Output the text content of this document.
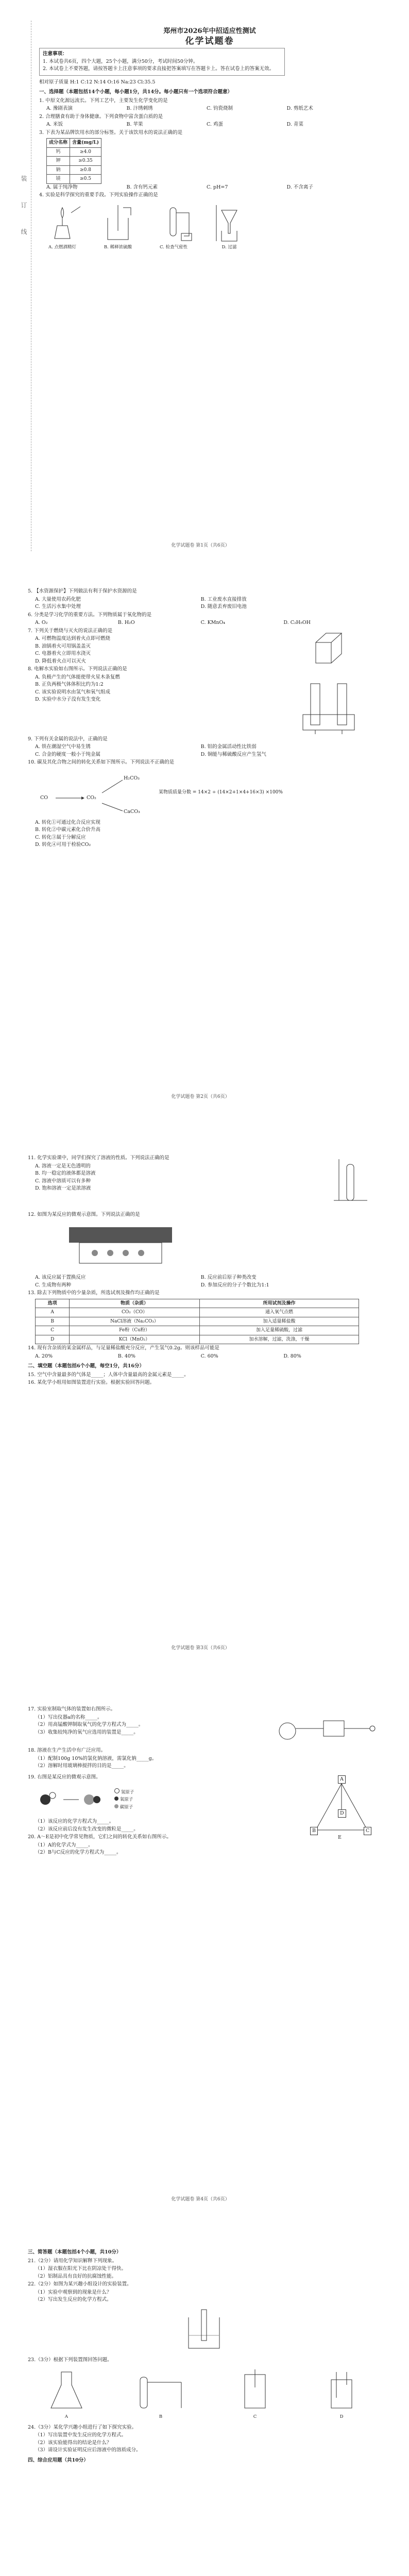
装 订 线
郑州市2026年中招适应性测试
化学试题卷
注意事项：
1. 本试卷共6页，四个大题，25个小题，满分50分，考试时间50分钟。
2. 本试卷上不要答题，请按答题卡上注意事项的要求直接把答案填写在答题卡上。答在试卷上的答案无效。
相对原子质量 H:1 C:12 N:14 O:16 Na:23 Cl:35.5
一、选择题（本题包括14个小题，每小题1分，共14分。每小题只有一个选项符合题意）
1. 中原文化源远流长。下列工艺中，主要发生化学变化的是
A. 豫剧表演	B. 汴绣刺绣	C. 钧瓷烧制	D. 剪纸艺术
2. 合理膳食有助于身体健康。下列食物中富含蛋白质的是
A. 米饭	B. 苹果	C. 鸡蛋	D. 青菜
3. 下表为某品牌饮用水的部分标签。关于该饮用水的说法正确的是
成分名称	含量(mg/L)
钙	≥4.0
钾	≥0.35
钠	≥0.8
镁	≥0.5
A. 属于纯净物	B. 含有钙元素	C. pH=7	D. 不含离子
4. 实验是科学探究的重要手段。下列实验操作正确的是
A. 点燃酒精灯	B. 稀释浓硫酸	C. 检查气密性	D. 过滤
化学试题卷 第1页（共6页）
5. 【水资源保护】下列做法有利于保护水资源的是
A. 大量使用农药化肥	B. 工业废水直接排放 C. 生活污水集中处理	D. 随意丢弃废旧电池
6. 分类是学习化学的重要方法。下列物质属于氧化物的是
A. O₂	B. H₂O	C. KMnO₄	D. C₂H₅OH
7. 下列关于燃烧与灭火的说法正确的是
A. 可燃物温度达到着火点即可燃烧
B. 油锅着火可用锅盖盖灭
C. 电器着火立即用水浇灭
D. 降低着火点可以灭火
8. 电解水实验如右图所示。下列说法正确的是
A. 负极产生的气体能使带火星木条复燃
B. 正负两极气体体积比约为1:2
C. 该实验说明水由氢气和氧气组成
D. 实验中水分子没有发生变化
9. 下列有关金属的说法中，正确的是
A. 铁在潮湿空气中易生锈	B. 铝的金属活动性比铁弱 C. 合金的硬度一般小于纯金属	D. 铜能与稀硫酸反应产生氢气
10. 碳及其化合物之间的转化关系如下图所示。下列说法不正确的是
CO	CO₂
H₂CO₃
CaCO₃
某物质质量分数 = 14×2 ÷ (14×2+1×4+16×3) ×100%
A. 转化①可通过化合反应实现
B. 转化②中碳元素化合价升高
C. 转化③属于分解反应
D. 转化④可用于检验CO₂
化学试题卷 第2页（共6页）
11. 化学实验课中，同学们探究了溶液的性质。下列说法正确的是
A. 溶液一定是无色透明的
B. 均一稳定的液体都是溶液
C. 溶液中溶质可以有多种
D. 饱和溶液一定是浓溶液
12. 如图为某反应的微观示意图。下列说法正确的是
A. 该反应属于置换反应	B. 反应前后原子种类改变 C. 生成物有两种	D. 参加反应的分子个数比为1:1
13. 除去下列物质中的少量杂质，所选试剂及操作均正确的是
选项	物质（杂质）	所用试剂及操作
A	CO₂（CO）	通入氧气点燃
B	NaCl溶液（Na₂CO₃）	加入适量稀盐酸
C	Fe粉（Cu粉）	加入足量稀硫酸，过滤
D	KCl（MnO₂）	加水溶解，过滤，洗涤，干燥
14. 现有含杂质的某金属样品，与足量稀盐酸充分反应，产生氢气0.2g。则该样品可能是
A. 20%	B. 40%	C. 60%	D. 80%
二、填空题（本题包括6个小题，每空1分，共16分）
15. 空气中含量最多的气体是_____；人体中含量最高的金属元素是_____。
16. 某化学小组用如图装置进行实验。根据实验回答问题。
化学试题卷 第3页（共6页）
17. 实验室制取气体的装置如右图所示。
（1）写出仪器a的名称_____。
（2）用高锰酸钾制取氧气的化学方程式为_____。
（3）收集较纯净的氧气应选用的装置是_____。
18. 溶液在生产生活中有广泛应用。
（1）配制100g 10%的氯化钠溶液，需氯化钠_____g。
（2）溶解时用玻璃棒搅拌的目的是_____。
19. 右图是某反应的微观示意图。
氢原子
氧原子
碳原子
（1）该反应的化学方程式为_____。
（2）该反应前后没有发生改变的微粒是_____。
20. A～E是初中化学常见物质，它们之间的转化关系如右图所示。
（1）A的化学式为_____。
（2）B与C反应的化学方程式为_____。
A
B	C
D
E
化学试题卷 第4页（共6页）
三、简答题（本题包括4个小题，共10分）
21.（2分）请用化学知识解释下列现象。
（1）湿衣服在阳光下比在阴凉处干得快。
（2）铝制品具有良好的抗腐蚀性能。
22.（2分）如图为某兴趣小组设计的实验装置。
（1）实验中观察到的现象是什么？
（2）写出发生反应的化学方程式。
23.（3分）根据下列装置图回答问题。
A	B	C	D
24.（3分）某化学兴趣小组进行了如下探究实验。
（1）写出装置中发生反应的化学方程式。
（2）该实验能得出的结论是什么？
（3）请设计实验证明反应后溶液中的溶质成分。
四、综合应用题（共10分）
